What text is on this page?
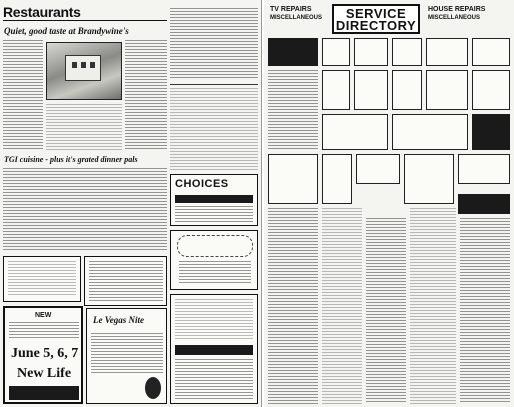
Restaurants
Quiet, good taste at Brandywine's
TGI cuisine - plus it's grated dinner pals
CHOICES
NEW
June 5, 6, 7
New Life
Le Vegas Nite
TV REPAIRS
MISCELLANEOUS	SERVICE
DIRECTORY
HOUSE REPAIRS
MISCELLANEOUS
